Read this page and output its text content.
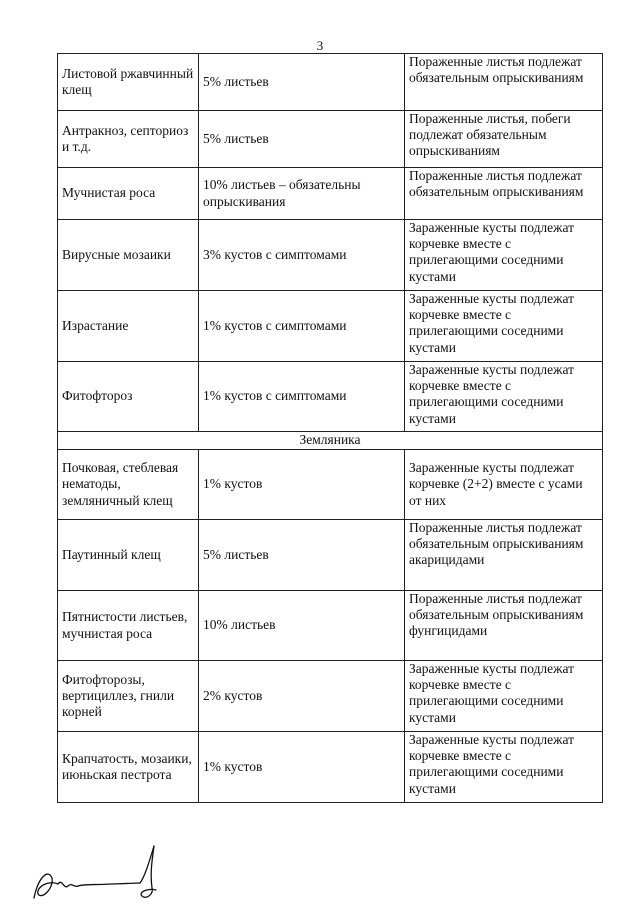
3
Листовой ржавчинный клещ	5% листьев	Пораженные листья подлежат обязательным опрыскиваниям
Антракноз, септориоз и т.д.	5% листьев	Пораженные листья, побеги подлежат обязательным опрыскиваниям
Мучнистая роса	10% листьев – обязательны опрыскивания	Пораженные листья подлежат обязательным опрыскиваниям
Вирусные мозаики	3% кустов с симптомами	Зараженные кусты подлежат корчевке вместе с прилегающими соседними кустами
Израстание	1% кустов с симптомами	Зараженные кусты подлежат корчевке вместе с прилегающими соседними кустами
Фитофтороз	1% кустов с симптомами	Зараженные кусты подлежат корчевке вместе с прилегающими соседними кустами
Земляника		
Почковая, стеблевая нематоды, земляничный клещ	1% кустов	Зараженные кусты подлежат корчевке (2+2) вместе с усами от них
Паутинный клещ	5% листьев	Пораженные листья подлежат обязательным опрыскиваниям акарицидами
Пятнистости листьев, мучнистая роса	10% листьев	Пораженные листья подлежат обязательным опрыскиваниям фунгицидами
Фитофторозы, вертициллез, гнили корней	2% кустов	Зараженные кусты подлежат корчевке вместе с прилегающими соседними кустами
Крапчатость, мозаики, июньская пестрота	1% кустов	Зараженные кусты подлежат корчевке вместе с прилегающими соседними кустами
